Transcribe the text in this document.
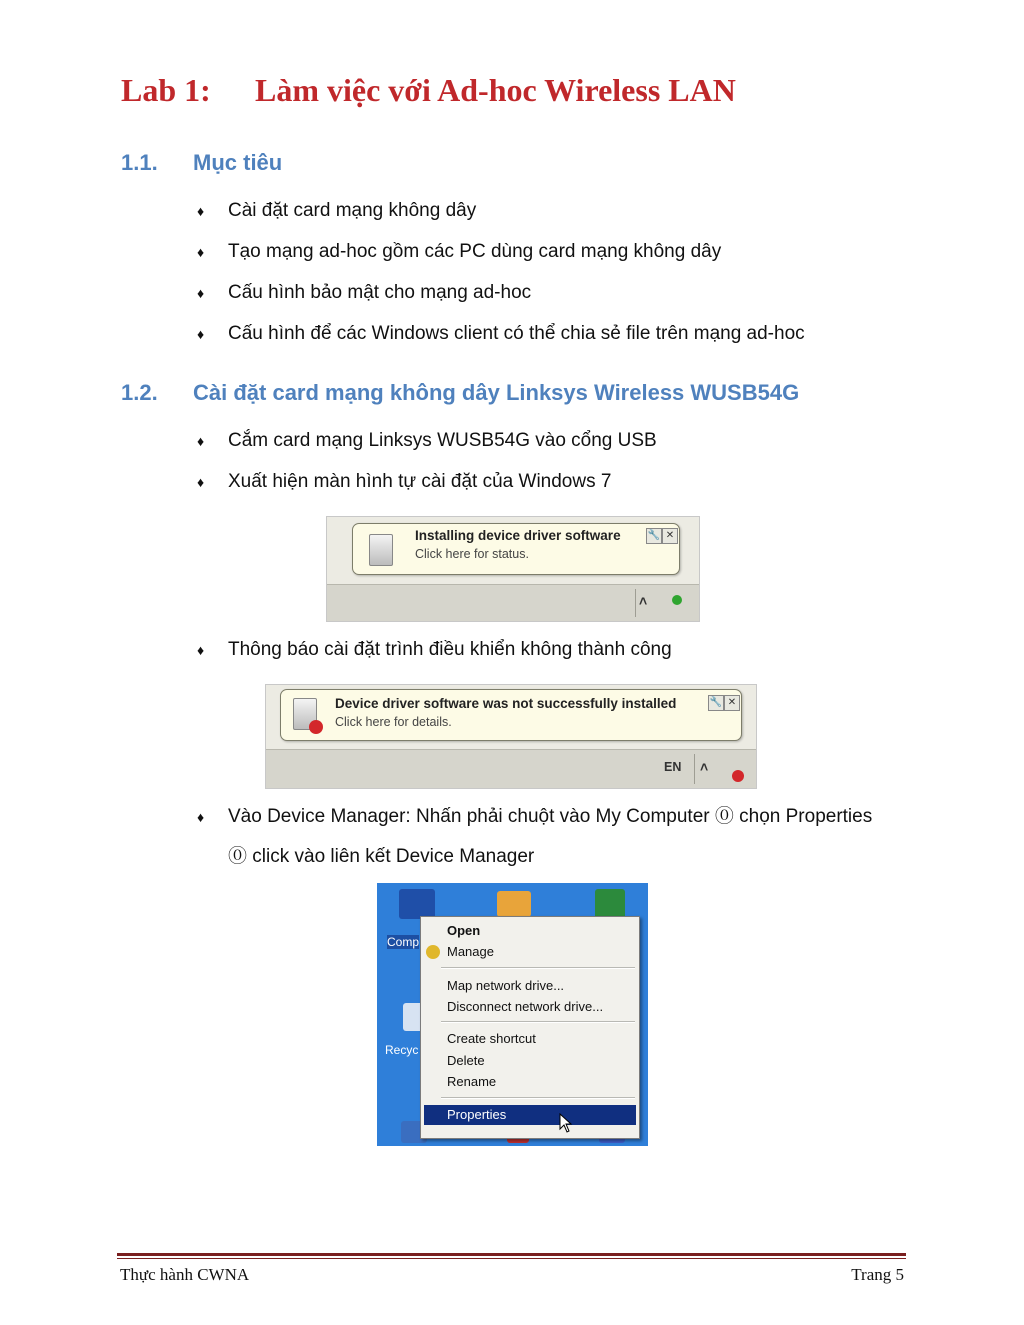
Lab 1: Làm việc với Ad-hoc Wireless LAN
1.1. Mục tiêu
♦ Cài đặt card mạng không dây
♦ Tạo mạng ad-hoc gồm các PC dùng card mạng không dây
♦ Cấu hình bảo mật cho mạng ad-hoc
♦ Cấu hình để các Windows client có thể chia sẻ file trên mạng ad-hoc
1.2. Cài đặt card mạng không dây Linksys Wireless WUSB54G
♦ Cắm card mạng Linksys WUSB54G vào cổng USB
♦ Xuất hiện màn hình tự cài đặt của Windows 7
˄
Installing device driver software
Click here for status.
🔧 ✕
♦ Thông báo cài đặt trình điều khiển không thành công
EN ˄
Device driver software was not successfully installed
Click here for details.
🔧 ✕
♦ Vào Device Manager: Nhấn phải chuột vào My Computer ⓪ chọn Properties
⓪ click vào liên kết Device Manager
Comp
Recyc
Open
Manage
Map network drive...
Disconnect network drive...
Create shortcut
Delete
Rename
Properties
Thực hành CWNA	Trang 5
